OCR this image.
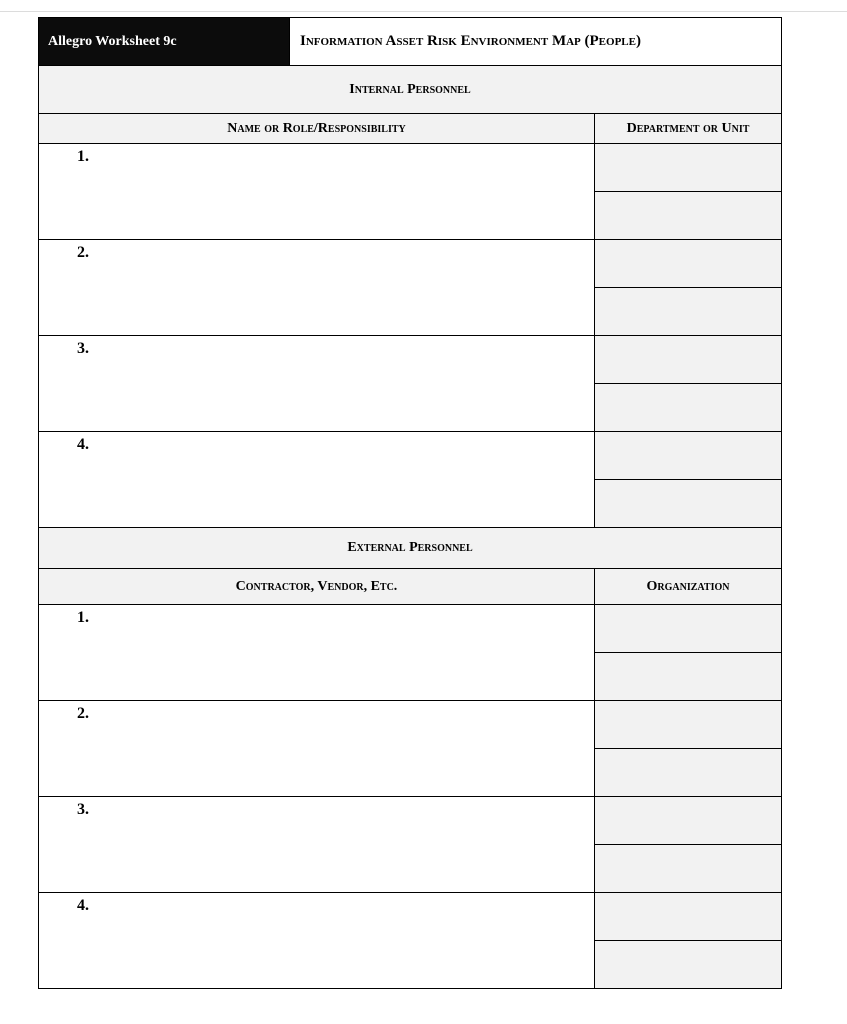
Allegro Worksheet 9c	Information Asset Risk Environment Map (People)	
Internal Personnel		
Name or Role/Responsibility		Department or Unit
1.		

2.		

3.		

4.		

External Personnel		
Contractor, Vendor, Etc.		Organization
1.		

2.		

3.		

4.		
